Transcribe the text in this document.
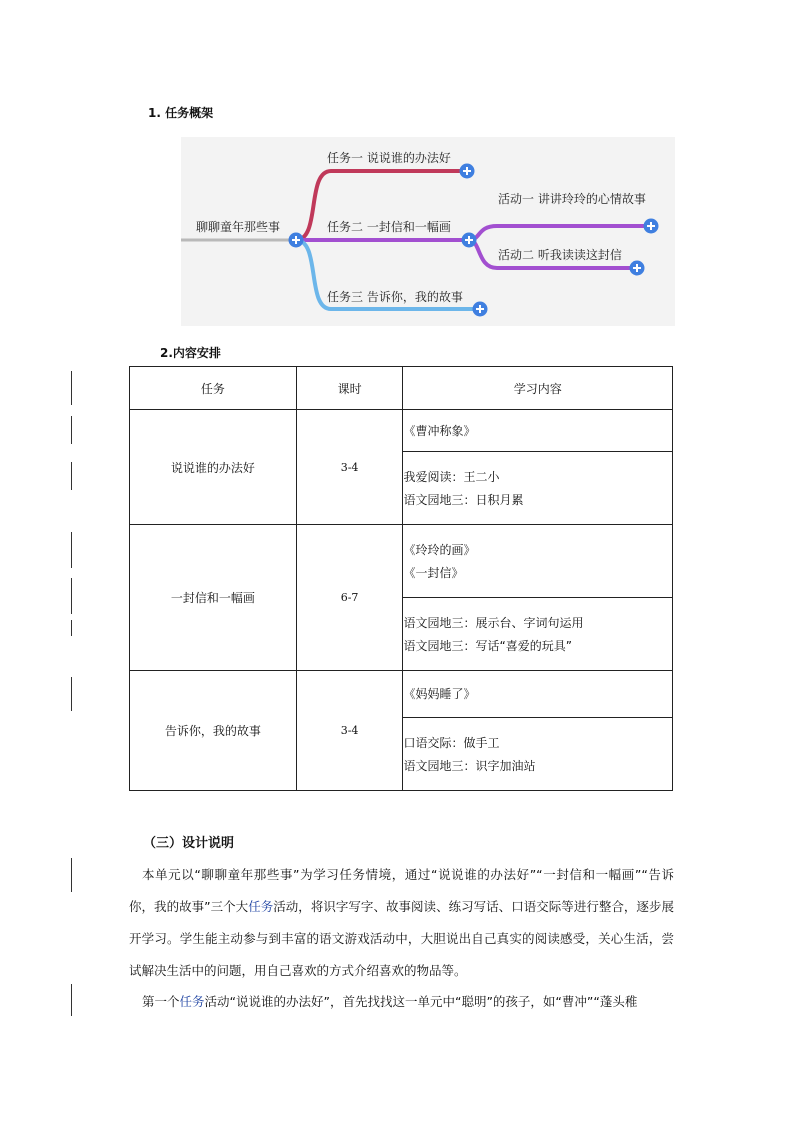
1. 任务概架
聊聊童年那些事
任务一 说说谁的办法好
任务二 一封信和一幅画
任务三 告诉你，我的故事
活动一 讲讲玲玲的心情故事
活动二 听我读读这封信
2.内容安排
任务	课时	学习内容
说说谁的办法好	3-4	《曹冲称象》

		我爱阅读：王二小
语文园地三：日积月累

一封信和一幅画	6-7	《玲玲的画》
《一封信》

		语文园地三：展示台、字词句运用
语文园地三：写话“喜爱的玩具”

告诉你，我的故事	3-4	《妈妈睡了》

		口语交际：做手工
语文园地三：识字加油站
（三）设计说明
本单元以“聊聊童年那些事”为学习任务情境，通过“说说谁的办法好”“一封信和一幅画”“告诉你，我的故事”三个大任务活动，将识字写字、故事阅读、练习写话、口语交际等进行整合，逐步展开学习。学生能主动参与到丰富的语文游戏活动中，大胆说出自己真实的阅读感受，关心生活，尝试解决生活中的问题，用自己喜欢的方式介绍喜欢的物品等。
第一个任务活动“说说谁的办法好”，首先找找这一单元中“聪明”的孩子，如“曹冲”“蓬头稚
